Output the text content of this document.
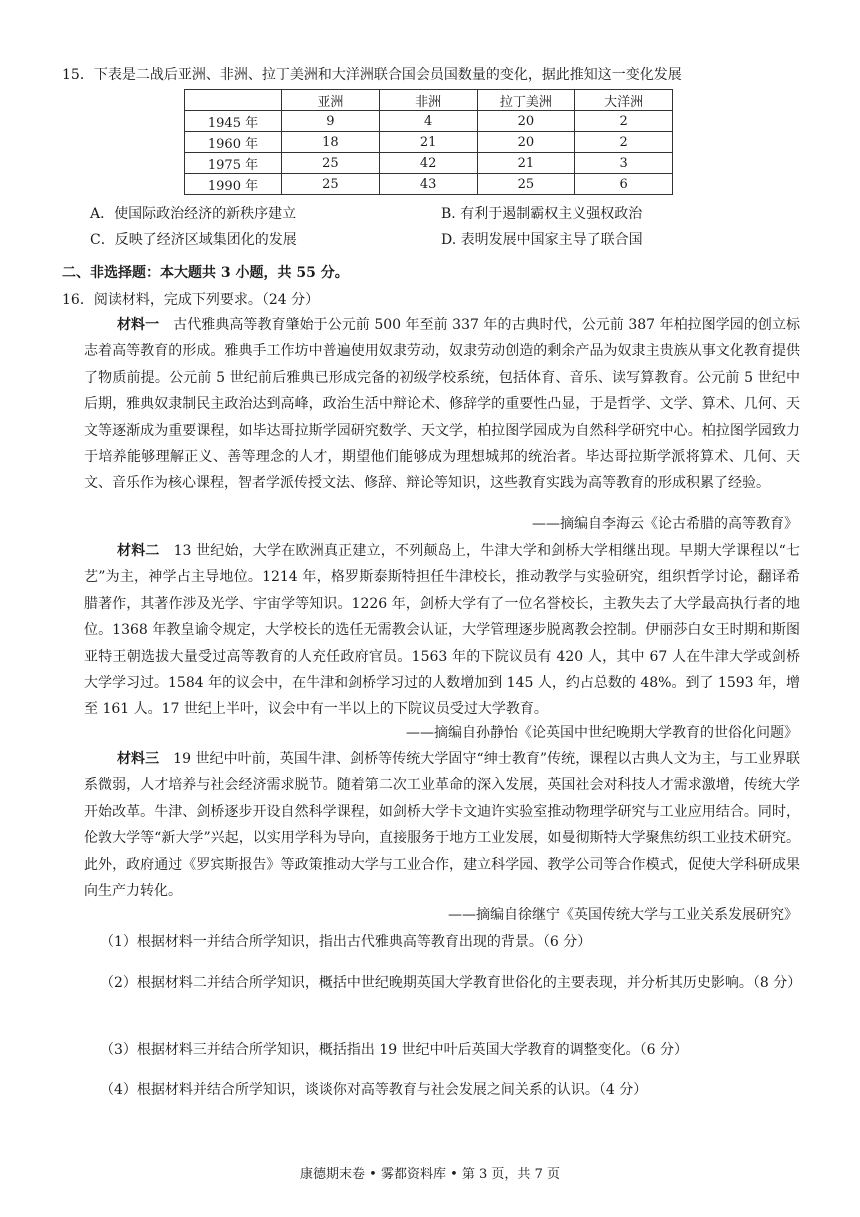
15．下表是二战后亚洲、非洲、拉丁美洲和大洋洲联合国会员国数量的变化，据此推知这一变化发展
	亚洲	非洲	拉丁美洲	大洋洲
1945 年	9	4	20	2
1960 年	18	21	20	2
1975 年	25	42	21	3
1990 年	25	43	25	6
A．使国际政治经济的新秩序建立	B. 有利于遏制霸权主义强权政治
C．反映了经济区域集团化的发展	D. 表明发展中国家主导了联合国
二、非选择题：本大题共 3 小题，共 55 分。
16．阅读材料，完成下列要求。（24 分）
材料一 古代雅典高等教育肇始于公元前 500 年至前 337 年的古典时代，公元前 387 年柏拉图学园的创立标志着高等教育的形成。雅典手工作坊中普遍使用奴隶劳动，奴隶劳动创造的剩余产品为奴隶主贵族从事文化教育提供了物质前提。公元前 5 世纪前后雅典已形成完备的初级学校系统，包括体育、音乐、读写算教育。公元前 5 世纪中后期，雅典奴隶制民主政治达到高峰，政治生活中辩论术、修辞学的重要性凸显，于是哲学、文学、算术、几何、天文等逐渐成为重要课程，如毕达哥拉斯学园研究数学、天文学，柏拉图学园成为自然科学研究中心。柏拉图学园致力于培养能够理解正义、善等理念的人才，期望他们能够成为理想城邦的统治者。毕达哥拉斯学派将算术、几何、天文、音乐作为核心课程，智者学派传授文法、修辞、辩论等知识，这些教育实践为高等教育的形成积累了经验。
——摘编自李海云《论古希腊的高等教育》
材料二 13 世纪始，大学在欧洲真正建立，不列颠岛上，牛津大学和剑桥大学相继出现。早期大学课程以“七艺”为主，神学占主导地位。1214 年，格罗斯泰斯特担任牛津校长，推动教学与实验研究，组织哲学讨论，翻译希腊著作，其著作涉及光学、宇宙学等知识。1226 年，剑桥大学有了一位名誉校长，主教失去了大学最高执行者的地位。1368 年教皇谕令规定，大学校长的选任无需教会认证，大学管理逐步脱离教会控制。伊丽莎白女王时期和斯图亚特王朝选拔大量受过高等教育的人充任政府官员。1563 年的下院议员有 420 人，其中 67 人在牛津大学或剑桥大学学习过。1584 年的议会中，在牛津和剑桥学习过的人数增加到 145 人，约占总数的 48%。到了 1593 年，增至 161 人。17 世纪上半叶，议会中有一半以上的下院议员受过大学教育。
——摘编自孙静怡《论英国中世纪晚期大学教育的世俗化问题》
材料三 19 世纪中叶前，英国牛津、剑桥等传统大学固守“绅士教育”传统，课程以古典人文为主，与工业界联系微弱，人才培养与社会经济需求脱节。随着第二次工业革命的深入发展，英国社会对科技人才需求激增，传统大学开始改革。牛津、剑桥逐步开设自然科学课程，如剑桥大学卡文迪许实验室推动物理学研究与工业应用结合。同时，伦敦大学等“新大学”兴起，以实用学科为导向，直接服务于地方工业发展，如曼彻斯特大学聚焦纺织工业技术研究。此外，政府通过《罗宾斯报告》等政策推动大学与工业合作，建立科学园、教学公司等合作模式，促使大学科研成果向生产力转化。
——摘编自徐继宁《英国传统大学与工业关系发展研究》
（1）根据材料一并结合所学知识，指出古代雅典高等教育出现的背景。（6 分）
（2）根据材料二并结合所学知识，概括中世纪晚期英国大学教育世俗化的主要表现，并分析其历史影响。（8 分）
（3）根据材料三并结合所学知识，概括指出 19 世纪中叶后英国大学教育的调整变化。（6 分）
（4）根据材料并结合所学知识，谈谈你对高等教育与社会发展之间关系的认识。（4 分）
康德期末卷 • 雾都资料库 • 第 3 页，共 7 页
